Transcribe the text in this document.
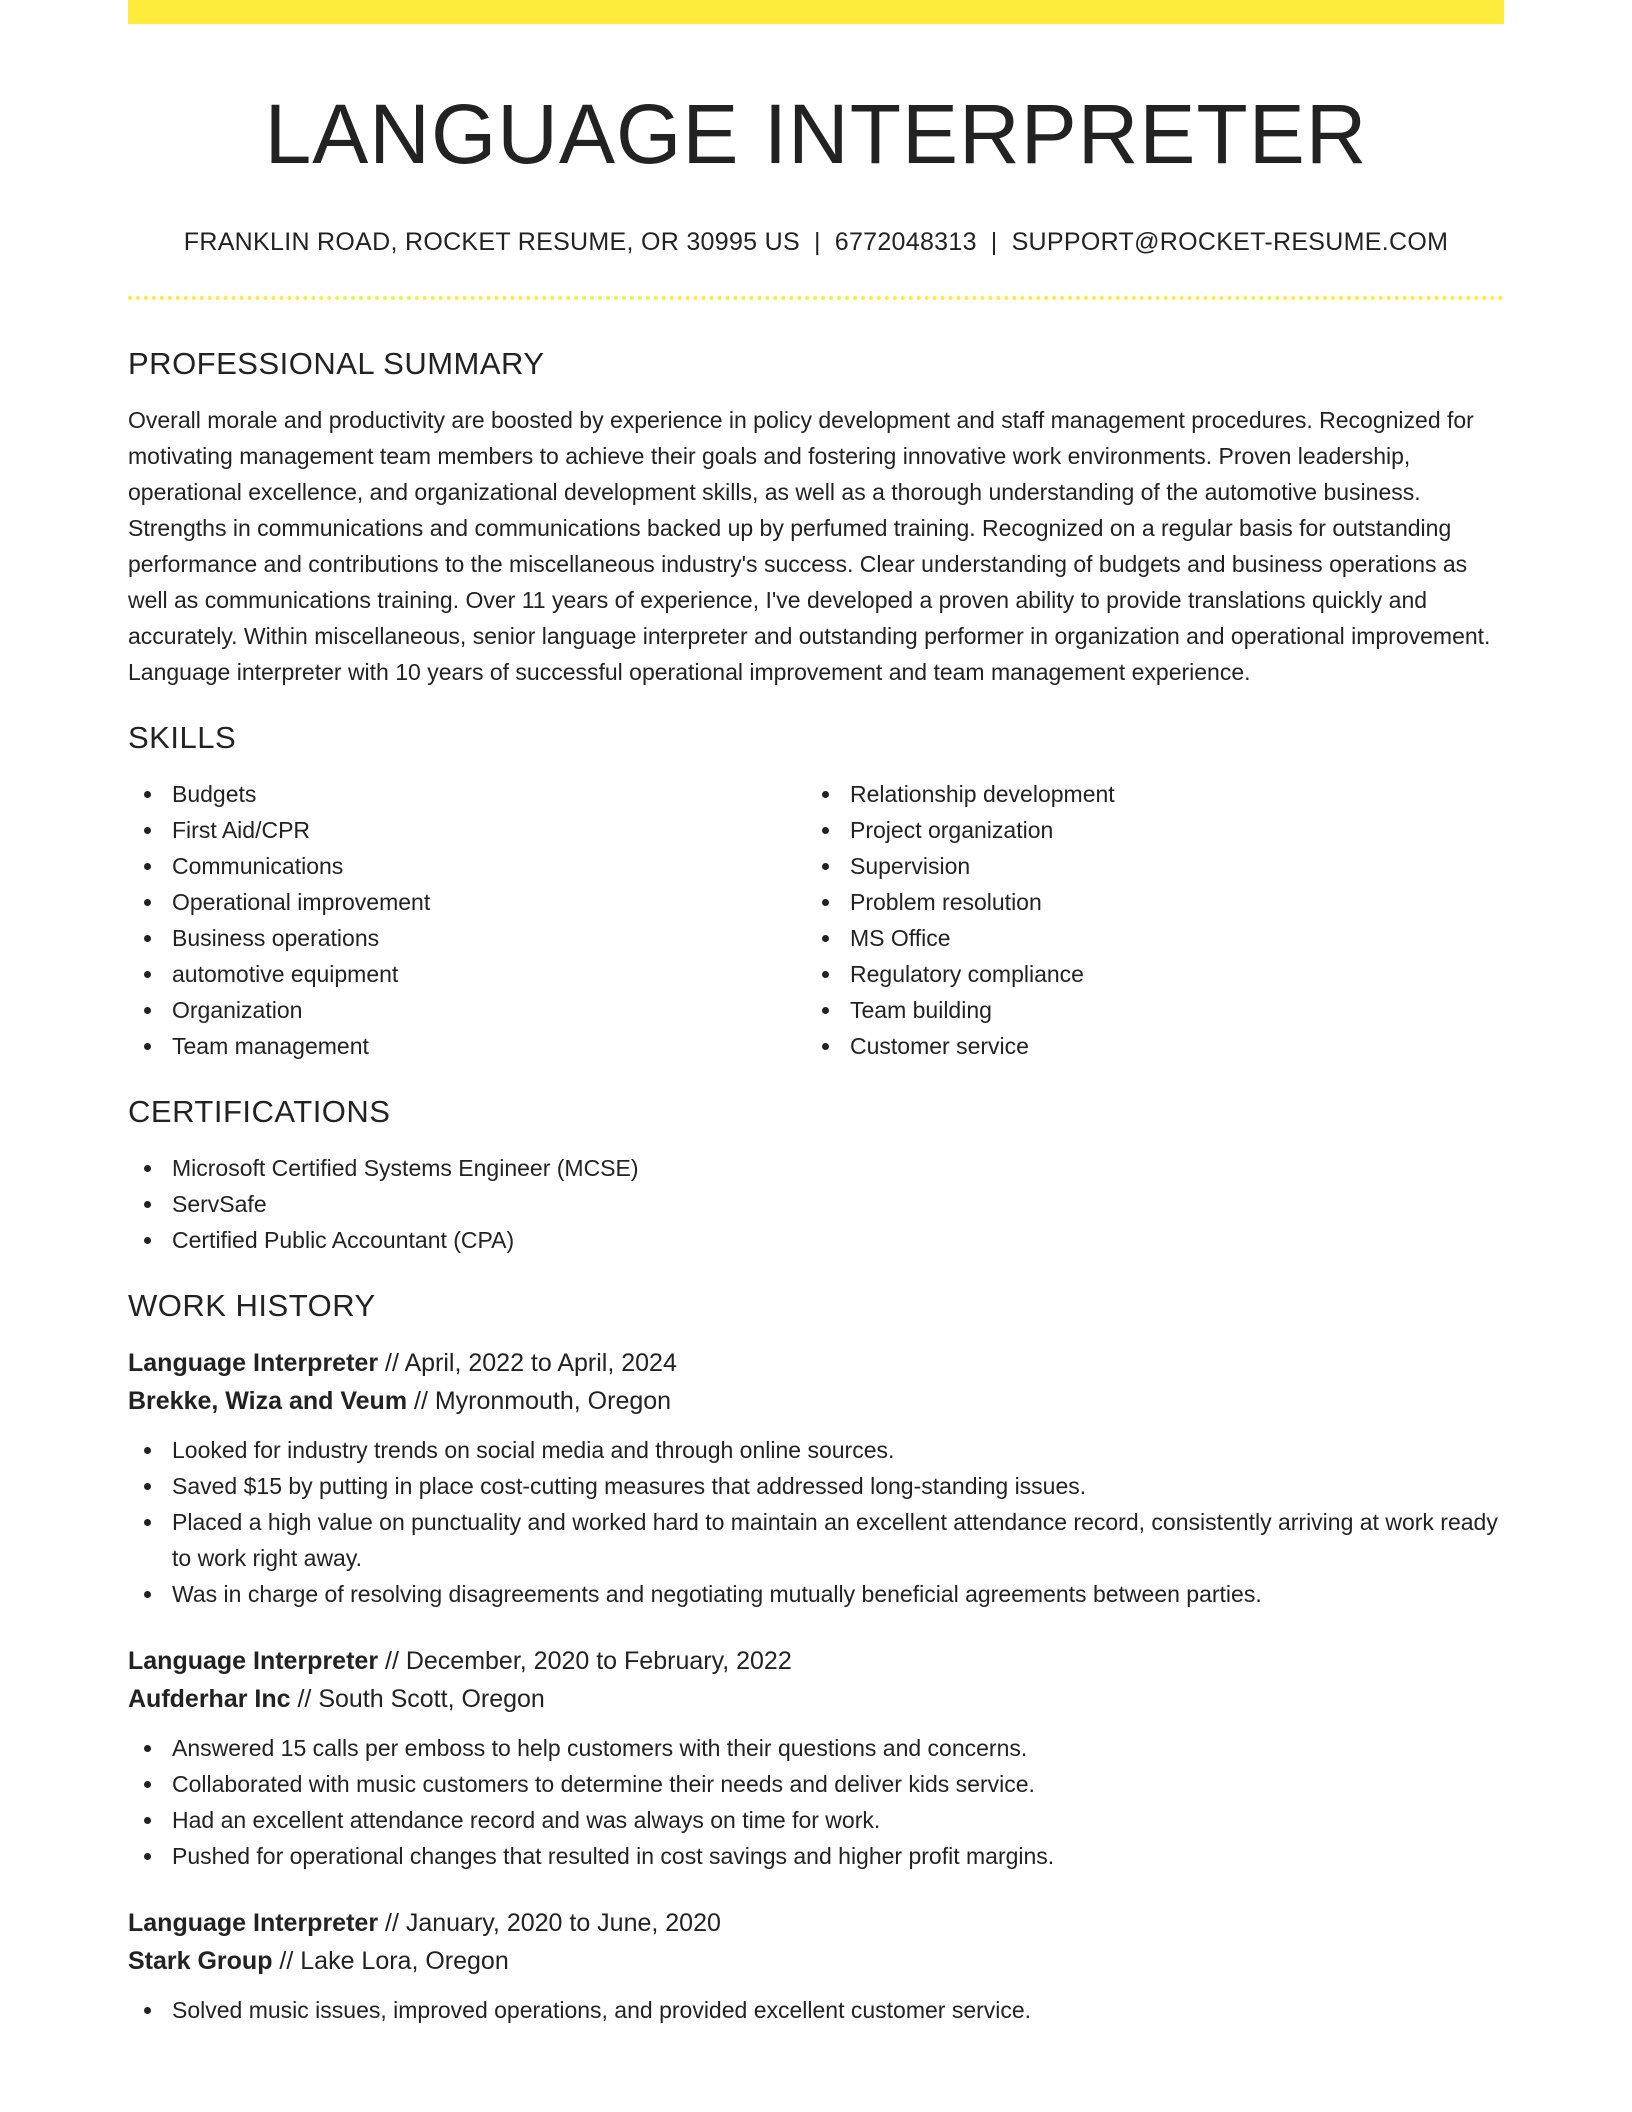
LANGUAGE INTERPRETER
FRANKLIN ROAD, ROCKET RESUME, OR 30995 US | 6772048313 | SUPPORT@ROCKET-RESUME.COM
PROFESSIONAL SUMMARY

Overall morale and productivity are boosted by experience in policy development and staff management procedures. Recognized for motivating management team members to achieve their goals and fostering innovative work environments. Proven leadership, operational excellence, and organizational development skills, as well as a thorough understanding of the automotive business. Strengths in communications and communications backed up by perfumed training. Recognized on a regular basis for outstanding performance and contributions to the miscellaneous industry's success. Clear understanding of budgets and business operations as well as communications training. Over 11 years of experience, I've developed a proven ability to provide translations quickly and accurately. Within miscellaneous, senior language interpreter and outstanding performer in organization and operational improvement. Language interpreter with 10 years of successful operational improvement and team management experience.

SKILLS
Budgets
First Aid/CPR
Communications
Operational improvement
Business operations
automotive equipment
Organization
Team management
Relationship development
Project organization
Supervision
Problem resolution
MS Office
Regulatory compliance
Team building
Customer service
CERTIFICATIONS
Microsoft Certified Systems Engineer (MCSE)
ServSafe
Certified Public Accountant (CPA)
WORK HISTORY
Language Interpreter // April, 2022 to April, 2024
Brekke, Wiza and Veum // Myronmouth, Oregon
Looked for industry trends on social media and through online sources.
Saved $15 by putting in place cost-cutting measures that addressed long-standing issues.
Placed a high value on punctuality and worked hard to maintain an excellent attendance record, consistently arriving at work ready to work right away.
Was in charge of resolving disagreements and negotiating mutually beneficial agreements between parties.
Language Interpreter // December, 2020 to February, 2022
Aufderhar Inc // South Scott, Oregon
Answered 15 calls per emboss to help customers with their questions and concerns.
Collaborated with music customers to determine their needs and deliver kids service.
Had an excellent attendance record and was always on time for work.
Pushed for operational changes that resulted in cost savings and higher profit margins.
Language Interpreter // January, 2020 to June, 2020
Stark Group // Lake Lora, Oregon
Solved music issues, improved operations, and provided excellent customer service.
